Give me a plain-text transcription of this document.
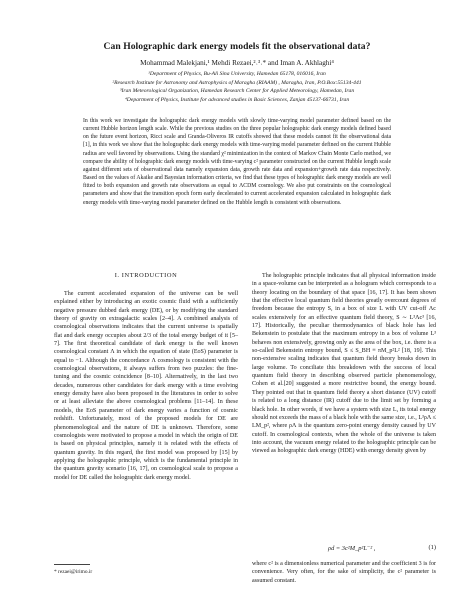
Can Holographic dark energy models fit the observational data?
Mohammad Malekjani,¹ Mehdi Rezaei,²˒³˒* and Iman A. Akhlaghi⁴
¹Department of Physics, Bu-Ali Sina University, Hamedan 65178, 016016, Iran
²Research Institute for Astronomy and Astrophysics of Maragha (RIAAM) , Maragha, Iran, P.O.Box:55134-441
³Iran Meteorological Organization, Hamedan Research Center for Applied Meteorology, Hamedan, Iran
⁴Department of Physics, Institute for advanced studies in Basic Sciences, Zanjan 45137-66731, Iran

In this work we investigate the holographic dark energy models with slowly time-varying model parameter defined based on the current Hubble horizon length scale. While the previous studies on the three popular holographic dark energy models defined based on the future event horizon, Ricci scale and Granda-Oliveros IR cutoffs showed that these models cannot fit the observational data [1], in this work we show that the holographic dark energy models with time-varying model parameter defined on the current Hubble radius are well favored by observations. Using the standard χ² minimization in the context of Markov Chain Monte Carlo method, we compare the ability of holographic dark energy models with time-varying c² parameter constructed on the current Hubble length scale against different sets of observational data namely expansion data, growth rate data and expansion+growth rate data respectively. Based on the values of Akaike and Bayesian information criteria, we find that these types of holographic dark energy models are well fitted to both expansion and growth rate observations as equal to ΛCDM cosmology. We also put constraints on the cosmological parameters and show that the transition epoch form early decelerated to current accelerated expansion calculated in holographic dark energy models with time-varying model parameter defined on the Hubble length is consistent with observations.

I. INTRODUCTION

The current accelerated expansion of the universe can be well explained either by introducing an exotic cosmic fluid with a sufficiently negative pressure dubbed dark energy (DE), or by modifying the standard theory of gravity on extragalactic scales [2–4]. A combined analysis of cosmological observations indicates that the current universe is spatially flat and dark energy occupies about 2/3 of the total energy budget of it [5–7]. The first theoretical candidate of dark energy is the well known cosmological constant Λ in which the equation of state (EoS) parameter is equal to −1. Although the concordance Λ cosmology is consistent with the cosmological observations, it always suffers from two puzzles: the fine-tuning and the cosmic coincidence [8–10]. Alternatively, in the last two decades, numerous other candidates for dark energy with a time evolving energy density have also been proposed in the literatures in order to solve or at least alleviate the above cosmological problems [11–14]. In these models, the EoS parameter of dark energy varies a function of cosmic redshift. Unfortunately, most of the proposed models for DE are phenomenological and the nature of DE is unknown. Therefore, some cosmologists were motivated to propose a model in which the origin of DE is based on physical principles, namely it is related with the effects of quantum gravity. In this regard, the first model was proposed by [15] by applying the holographic principle, which is the fundamental principle in the quantum gravity scenario [16, 17], on cosmological scale to propose a model for DE called the holographic dark energy model.

The holographic principle indicates that all physical information inside in a space-volume can be interpreted as a hologram which corresponds to a theory locating on the boundary of that space [16, 17]. It has been shown that the effective local quantum field theories greatly overcount degrees of freedom because the entropy S, in a box of size L with UV cut-off Λc scales extensively for an effective quantum field theory, S ∼ L³Λc³ [16, 17]. Historically, the peculiar thermodynamics of black hole has led Bekenstein to postulate that the maximum entropy in a box of volume L³ behaves non extensively, growing only as the area of the box, i.e. there is a so-called Bekenstein entropy bound, S ≤ S_BH ≡ πM_p²L² [18, 19]. This non-extensive scaling indicates that quantum field theory breaks down in large volume. To conciliate this breakdown with the success of local quantum field theory in describing observed particle phenomenology, Cohen et al.[20] suggested a more restrictive bound, the energy bound. They pointed out that in quantum field theory a short distance (UV) cutoff is related to a long distance (IR) cutoff due to the limit set by forming a black hole. In other words, if we have a system with size L, its total energy should not exceeds the mass of a black hole with the same size, i.e., L³ρΛ ≤ LM_p², where ρΛ is the quantum zero-point energy density caused by UV cutoff. In cosmological contexts, when the whole of the universe is taken into account, the vacuum energy related to the holographic principle can be viewed as holographic dark energy (HDE) with energy density given by

ρd = 3c²M_p²L⁻² ,	(1)

where c² is a dimensionless numerical parameter and the coefficient 3 is for convenience. Very often, for the sake of simplicity, the c² parameter is assumed constant.

* rezaei@irimo.ir
